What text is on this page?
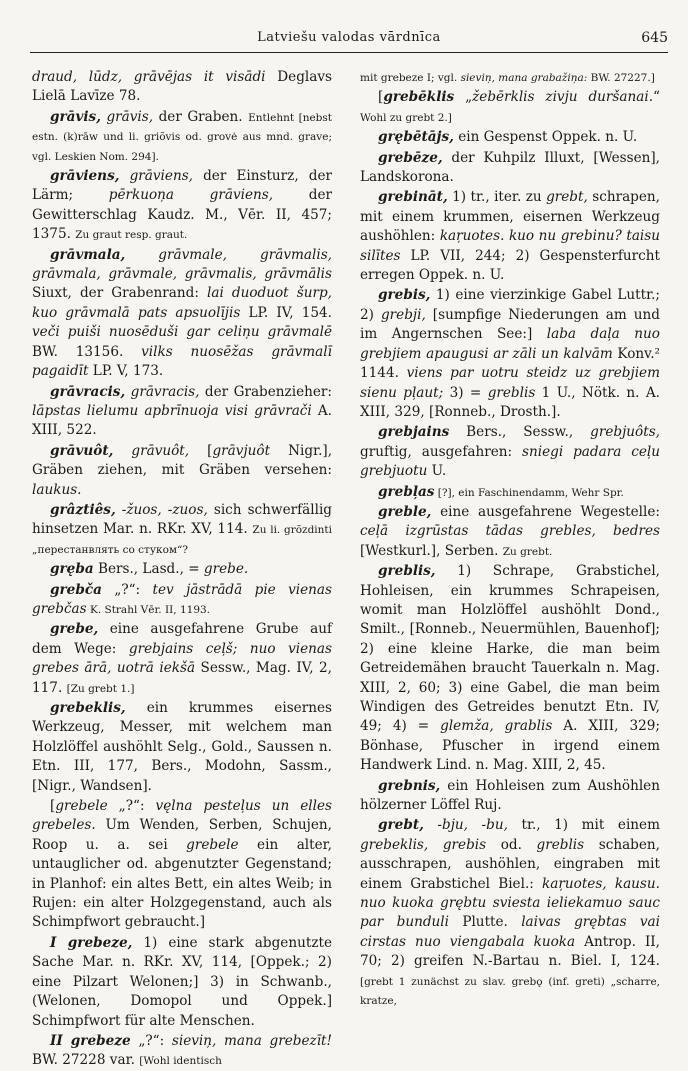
Latviešu valodas vārdnīca	645

draud, lūdz, grāvējas it visādi Deglavs Lielā Lavīze 78.

grāvis, grāvis, der Graben. Entlehnt [nebst estn. (k)rāw und li. griõvis od. grovė aus mnd. grave; vgl. Leskien Nom. 294].

grāviens, grāviens, der Einsturz, der Lärm; pērkuoņa grāviens, der Gewitterschlag Kaudz. M., Vēr. II, 457; 1375. Zu graut resp. graut.

grāvmala, grāvmale, grāvmalis, grāvmala, grāvmale, grāvmalis, grāvmālis Siuxt, der Grabenrand: lai duoduot šurp, kuo grāvmalā pats apsuolījis LP. IV, 154. veči puiši nuosēduši gar celiņu grāvmalē BW. 13156. vilks nuosēžas grāvmalī pagaidīt LP. V, 173.

grāvracis, grāvracis, der Grabenzieher: lāpstas lielumu apbrīnuoja visi grāvrači A. XIII, 522.

grāvuôt, grāvuôt, [grāvjuôt Nigr.], Gräben ziehen, mit Gräben versehen: laukus.

grâztiês, -žuos, -zuos, sich schwerfällig hinsetzen Mar. n. RKr. XV, 114. Zu li. grõzdinti „перестанвлять со стуком“?

gręba Bers., Lasd., = grebe.

grebča „?“: tev jāstrādā pie vienas grebčas K. Strahl Vēr. II, 1193.

grebe, eine ausgefahrene Grube auf dem Wege: grebjains ceļš; nuo vienas grebes ārā, uotrā iekšā Sessw., Mag. IV, 2, 117. [Zu grebt 1.]

grebeklis, ein krummes eisernes Werkzeug, Messer, mit welchem man Holzlöffel aushöhlt Selg., Gold., Saussen n. Etn. III, 177, Bers., Modohn, Sassm., [Nigr., Wandsen].

[grebele „?“: vęlna pesteļus un elles grebeles. Um Wenden, Serben, Schujen, Roop u. a. sei grebele ein alter, untauglicher od. abgenutzter Gegenstand; in Planhof: ein altes Bett, ein altes Weib; in Rujen: ein alter Holzgegenstand, auch als Schimpfwort gebraucht.]

I grebeze, 1) eine stark abgenutzte Sache Mar. n. RKr. XV, 114, [Oppek.; 2) eine Pilzart Welonen;] 3) in Schwanb., (Welonen, Domopol und Oppek.] Schimpfwort für alte Menschen.

II grebeze „?“: sieviņ, mana grebezīt! BW. 27228 var. [Wohl identisch

mit grebeze I; vgl. sieviņ, mana grabažiņa: BW. 27227.]

[grebēklis „žebērklis zivju duršanai.“ Wohl zu grebt 2.]

grębētājs, ein Gespenst Oppek. n. U.

grebēze, der Kuhpilz Illuxt, [Wessen], Landskorona.

grebināt, 1) tr., iter. zu grebt, schrapen, mit einem krummen, eisernen Werkzeug aushöhlen: kaŗuotes. kuo nu grebinu? taisu silītes LP. VII, 244; 2) Gespensterfurcht erregen Oppek. n. U.

grebis, 1) eine vierzinkige Gabel Luttr.; 2) grebji, [sumpfige Niederungen am und im Angernschen See:] laba daļa nuo grebjiem apaugusi ar zāli un kalvām Konv.² 1144. viens par uotru steidz uz grebjiem sienu pļaut; 3) = greblis 1 U., Nötk. n. A. XIII, 329, [Ronneb., Drosth.].

grebjains Bers., Sessw., grebjuôts, gruftig, ausgefahren: sniegi padara ceļu grebjuotu U.

grebļas [?], ein Faschinendamm, Wehr Spr.

greble, eine ausgefahrene Wegestelle: ceļā izgrūstas tādas grebles, bedres [Westkurl.], Serben. Zu grebt.

greblis, 1) Schrape, Grabstichel, Hohleisen, ein krummes Schrapeisen, womit man Holzlöffel aushöhlt Dond., Smilt., [Ronneb., Neuermühlen, Bauenhof]; 2) eine kleine Harke, die man beim Getreidemähen braucht Tauerkaln n. Mag. XIII, 2, 60; 3) eine Gabel, die man beim Windigen des Getreides benutzt Etn. IV, 49; 4) = glemža, grablis A. XIII, 329; Bönhase, Pfuscher in irgend einem Handwerk Lind. n. Mag. XIII, 2, 45.

grebnis, ein Hohleisen zum Aushöhlen hölzerner Löffel Ruj.

grebt, -bju, -bu, tr., 1) mit einem grebeklis, grebis od. greblis schaben, ausschrapen, aushöhlen, eingraben mit einem Grabstichel Biel.: kaŗuotes, kausu. nuo kuoka grębtu sviesta ieliekamuo sauc par bunduli Plutte. laivas grębtas vai cirstas nuo viengabala kuoka Antrop. II, 70; 2) greifen N.-Bartau n. Biel. I, 124. [grebt 1 zunächst zu slav. grebǫ (inf. greti) „scharre, kratze,
